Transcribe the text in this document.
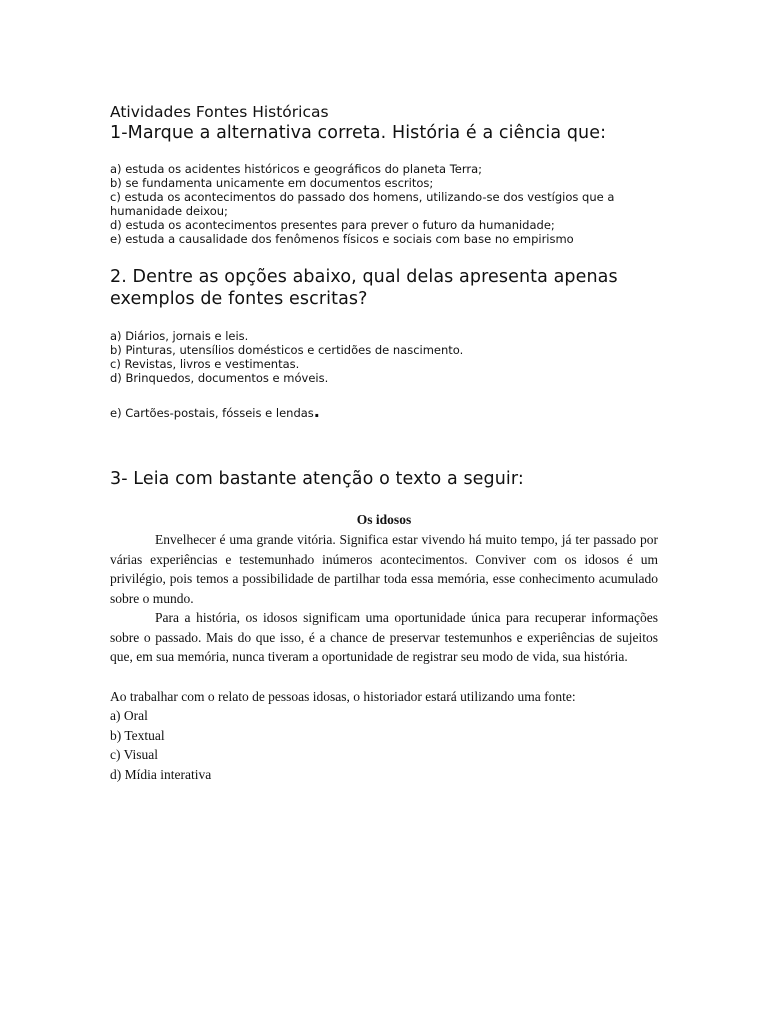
Atividades Fontes Históricas
1-Marque a alternativa correta. História é a ciência que:
a) estuda os acidentes históricos e geográficos do planeta Terra;
b) se fundamenta unicamente em documentos escritos;
c) estuda os acontecimentos do passado dos homens, utilizando-se dos vestígios que a humanidade deixou;
d) estuda os acontecimentos presentes para prever o futuro da humanidade;
e) estuda a causalidade dos fenômenos físicos e sociais com base no empirismo
2. Dentre as opções abaixo, qual delas apresenta apenas exemplos de fontes escritas?
a) Diários, jornais e leis.
b) Pinturas, utensílios domésticos e certidões de nascimento.
c) Revistas, livros e vestimentas.
d) Brinquedos, documentos e móveis.
e) Cartões-postais, fósseis e lendas.
3- Leia com bastante atenção o texto a seguir:

Os idosos

Envelhecer é uma grande vitória. Significa estar vivendo há muito tempo, já ter passado por várias experiências e testemunhado inúmeros acontecimentos. Conviver com os idosos é um privilégio, pois temos a possibilidade de partilhar toda essa memória, esse conhecimento acumulado sobre o mundo.

Para a história, os idosos significam uma oportunidade única para recuperar informações sobre o passado. Mais do que isso, é a chance de preservar testemunhos e experiências de sujeitos que, em sua memória, nunca tiveram a oportunidade de registrar seu modo de vida, sua história.

Ao trabalhar com o relato de pessoas idosas, o historiador estará utilizando uma fonte:

a) Oral
b) Textual
c) Visual
d) Mídia interativa
